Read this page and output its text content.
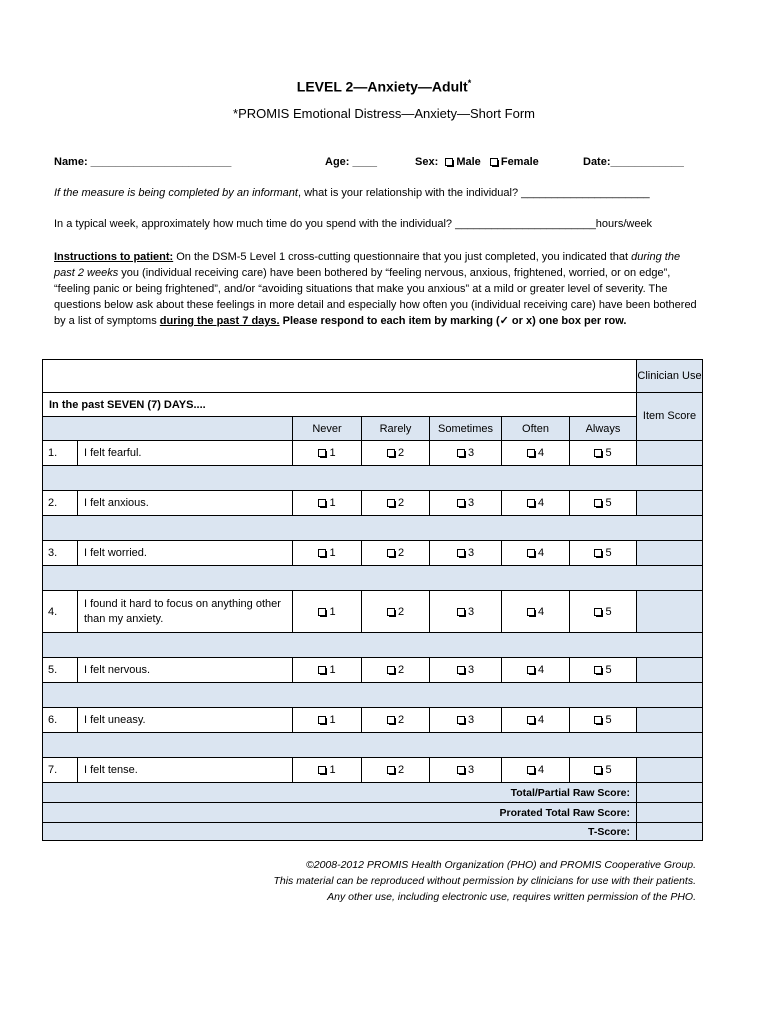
LEVEL 2—Anxiety—Adult*
*PROMIS Emotional Distress—Anxiety—Short Form
Name: _______________________	Age: ____	Sex: Male Female	Date:____________
If the measure is being completed by an informant, what is your relationship with the individual? _____________________
In a typical week, approximately how much time do you spend with the individual? _______________________hours/week
Instructions to patient: On the DSM-5 Level 1 cross-cutting questionnaire that you just completed, you indicated that during the past 2 weeks you (individual receiving care) have been bothered by “feeling nervous, anxious, frightened, worried, or on edge”, “feeling panic or being frightened”, and/or “avoiding situations that make you anxious” at a mild or greater level of severity. The questions below ask about these feelings in more detail and especially how often you (individual receiving care) have been bothered by a list of symptoms during the past 7 days. Please respond to each item by marking (✓ or x) one box per row.
							Clinician Use
In the past SEVEN (7) DAYS....							Item Score
		Never	Rarely	Sometimes	Often	Always	
1.	I felt fearful.	1	2	3	4	5	

2.	I felt anxious.	1	2	3	4	5	

3.	I felt worried.	1	2	3	4	5	

4.	I found it hard to focus on anything other than my anxiety.	1	2	3	4	5	

5.	I felt nervous.	1	2	3	4	5	

6.	I felt uneasy.	1	2	3	4	5	

7.	I felt tense.	1	2	3	4	5	
Total/Partial Raw Score:							
Prorated Total Raw Score:							
T-Score:							
©2008-2012 PROMIS Health Organization (PHO) and PROMIS Cooperative Group.
This material can be reproduced without permission by clinicians for use with their patients.
Any other use, including electronic use, requires written permission of the PHO.
